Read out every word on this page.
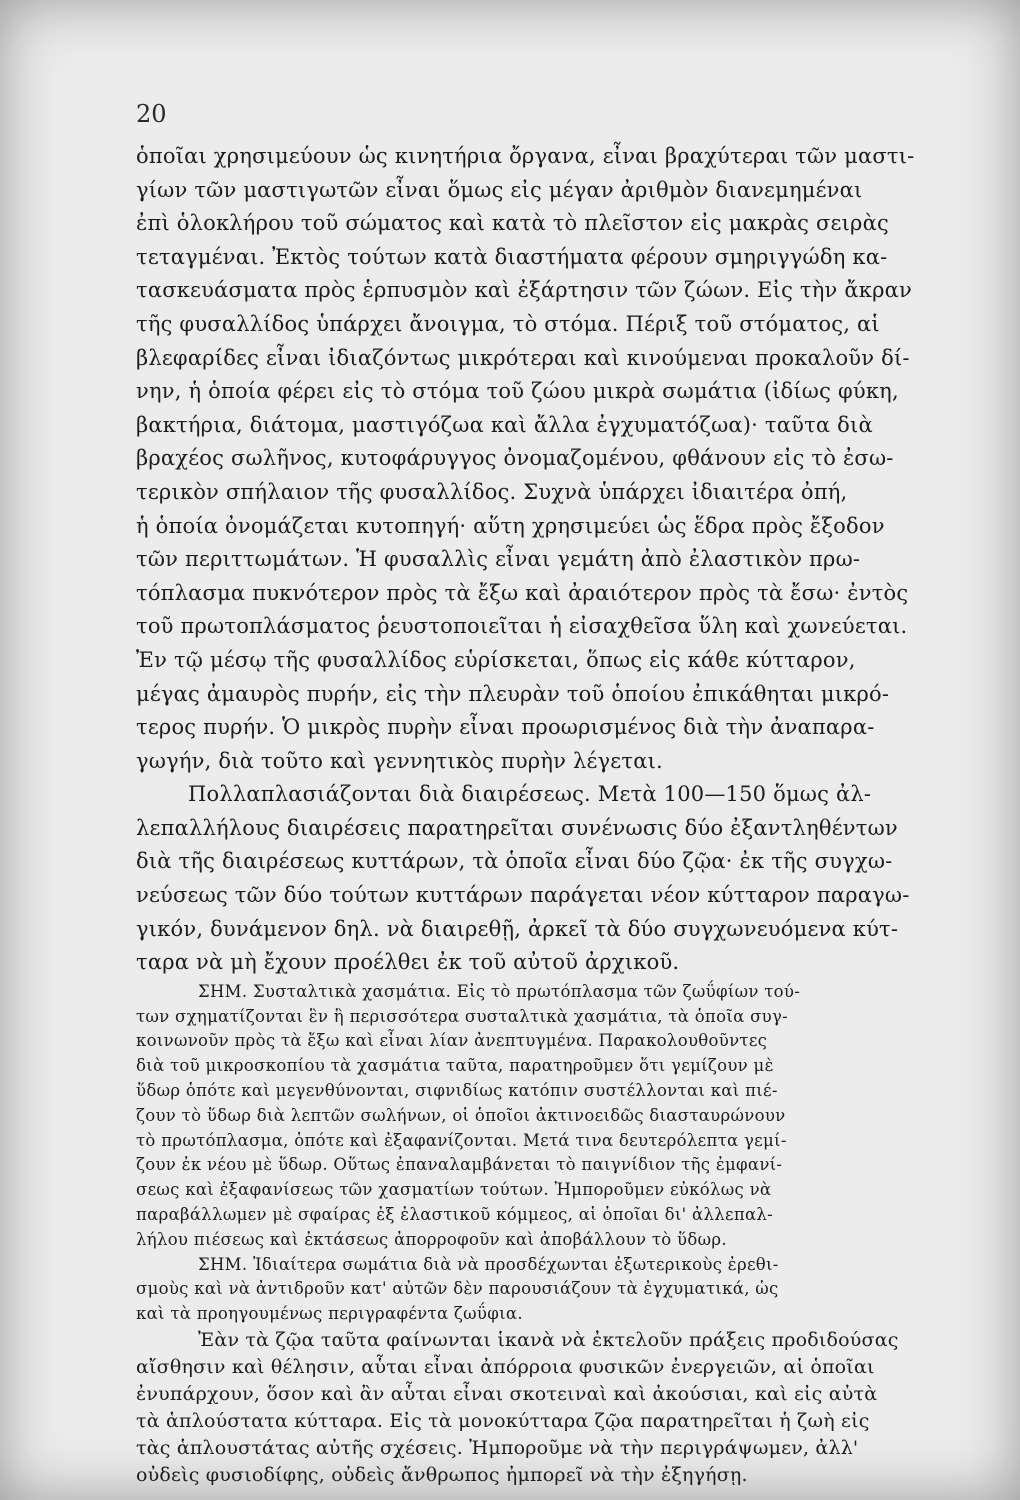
20
ὁποῖαι χρησιμεύουν ὡς κινητήρια ὄργανα, εἶναι βραχύτεραι τῶν μαστι-
γίων τῶν μαστιγωτῶν εἶναι ὅμως εἰς μέγαν ἀριθμὸν διανεμημέναι
ἐπὶ ὁλοκλήρου τοῦ σώματος καὶ κατὰ τὸ πλεῖστον εἰς μακρὰς σειρὰς
τεταγμέναι. Ἐκτὸς τούτων κατὰ διαστήματα φέρουν σμηριγγώδη κα-
τασκευάσματα πρὸς ἑρπυσμὸν καὶ ἐξάρτησιν τῶν ζώων. Εἰς τὴν ἄκραν
τῆς φυσαλλίδος ὑπάρχει ἄνοιγμα, τὸ στόμα. Πέριξ τοῦ στόματος, αἱ
βλεφαρίδες εἶναι ἰδιαζόντως μικρότεραι καὶ κινούμεναι προκαλοῦν δί-
νην, ἡ ὁποία φέρει εἰς τὸ στόμα τοῦ ζώου μικρὰ σωμάτια (ἰδίως φύκη,
βακτήρια, διάτομα, μαστιγόζωα καὶ ἄλλα ἐγχυματόζωα)· ταῦτα διὰ
βραχέος σωλῆνος, κυτοφάρυγγος ὀνομαζομένου, φθάνουν εἰς τὸ ἐσω-
τερικὸν σπήλαιον τῆς φυσαλλίδος. Συχνὰ ὑπάρχει ἰδιαιτέρα ὀπή,
ἡ ὁποία ὀνομάζεται κυτοπηγή· αὕτη χρησιμεύει ὡς ἕδρα πρὸς ἔξοδον
τῶν περιττωμάτων. Ἡ φυσαλλὶς εἶναι γεμάτη ἀπὸ ἐλαστικὸν πρω-
τόπλασμα πυκνότερον πρὸς τὰ ἔξω καὶ ἀραιότερον πρὸς τὰ ἔσω· ἐντὸς
τοῦ πρωτοπλάσματος ῥευστοποιεῖται ἡ εἰσαχθεῖσα ὕλη καὶ χωνεύεται.
Ἐν τῷ μέσῳ τῆς φυσαλλίδος εὑρίσκεται, ὅπως εἰς κάθε κύτταρον,
μέγας ἀμαυρὸς πυρήν, εἰς τὴν πλευρὰν τοῦ ὁποίου ἐπικάθηται μικρό-
τερος πυρήν. Ὁ μικρὸς πυρὴν εἶναι προωρισμένος διὰ τὴν ἀναπαρα-
γωγήν, διὰ τοῦτο καὶ γεννητικὸς πυρὴν λέγεται.
Πολλαπλασιάζονται διὰ διαιρέσεως. Μετὰ 100—150 ὅμως ἀλ-
λεπαλλήλους διαιρέσεις παρατηρεῖται συνένωσις δύο ἐξαντληθέντων
διὰ τῆς διαιρέσεως κυττάρων, τὰ ὁποῖα εἶναι δύο ζῷα· ἐκ τῆς συγχω-
νεύσεως τῶν δύο τούτων κυττάρων παράγεται νέον κύτταρον παραγω-
γικόν, δυνάμενον δηλ. νὰ διαιρεθῇ, ἀρκεῖ τὰ δύο συγχωνευόμενα κύτ-
ταρα νὰ μὴ ἔχουν προέλθει ἐκ τοῦ αὐτοῦ ἀρχικοῦ.
ΣΗΜ. Συσταλτικὰ χασμάτια. Εἰς τὸ πρωτόπλασμα τῶν ζωΰφίων τού-
των σχηματίζονται ἓν ἢ περισσότερα συσταλτικὰ χασμάτια, τὰ ὁποῖα συγ-
κοινωνοῦν πρὸς τὰ ἔξω καὶ εἶναι λίαν ἀνεπτυγμένα. Παρακολουθοῦντες
διὰ τοῦ μικροσκοπίου τὰ χασμάτια ταῦτα, παρατηροῦμεν ὅτι γεμίζουν μὲ
ὕδωρ ὁπότε καὶ μεγενθύνονται, σιφνιδίως κατόπιν συστέλλονται καὶ πιέ-
ζουν τὸ ὕδωρ διὰ λεπτῶν σωλήνων, οἱ ὁποῖοι ἀκτινοειδῶς διασταυρώνουν
τὸ πρωτόπλασμα, ὁπότε καὶ ἐξαφανίζονται. Μετά τινα δευτερόλεπτα γεμί-
ζουν ἐκ νέου μὲ ὕδωρ. Οὕτως ἐπαναλαμβάνεται τὸ παιγνίδιον τῆς ἐμφανί-
σεως καὶ ἐξαφανίσεως τῶν χασματίων τούτων. Ἠμποροῦμεν εὐκόλως νὰ
παραβάλλωμεν μὲ σφαίρας ἐξ ἐλαστικοῦ κόμμεος, αἱ ὁποῖαι δι' ἀλλεπαλ-
λήλου πιέσεως καὶ ἐκτάσεως ἀπορροφοῦν καὶ ἀποβάλλουν τὸ ὕδωρ.
ΣΗΜ. Ἰδιαίτερα σωμάτια διὰ νὰ προσδέχωνται ἐξωτερικοὺς ἐρεθι-
σμοὺς καὶ νὰ ἀντιδροῦν κατ' αὐτῶν δὲν παρουσιάζουν τὰ ἐγχυματικά, ὡς
καὶ τὰ προηγουμένως περιγραφέντα ζωΰφια.
Ἐὰν τὰ ζῷα ταῦτα φαίνωνται ἱκανὰ νὰ ἐκτελοῦν πράξεις προδιδούσας
αἴσθησιν καὶ θέλησιν, αὗται εἶναι ἀπόρροια φυσικῶν ἐνεργειῶν, αἱ ὁποῖαι
ἐνυπάρχουν, ὅσον καὶ ἂν αὗται εἶναι σκοτειναὶ καὶ ἀκούσιαι, καὶ εἰς αὐτὰ
τὰ ἁπλούστατα κύτταρα. Εἰς τὰ μονοκύτταρα ζῷα παρατηρεῖται ἡ ζωὴ εἰς
τὰς ἁπλουστάτας αὐτῆς σχέσεις. Ἠμποροῦμε νὰ τὴν περιγράψωμεν, ἀλλ'
οὐδεὶς φυσιοδίφης, οὐδεὶς ἄνθρωπος ἠμπορεῖ νὰ τὴν ἐξηγήσῃ.
